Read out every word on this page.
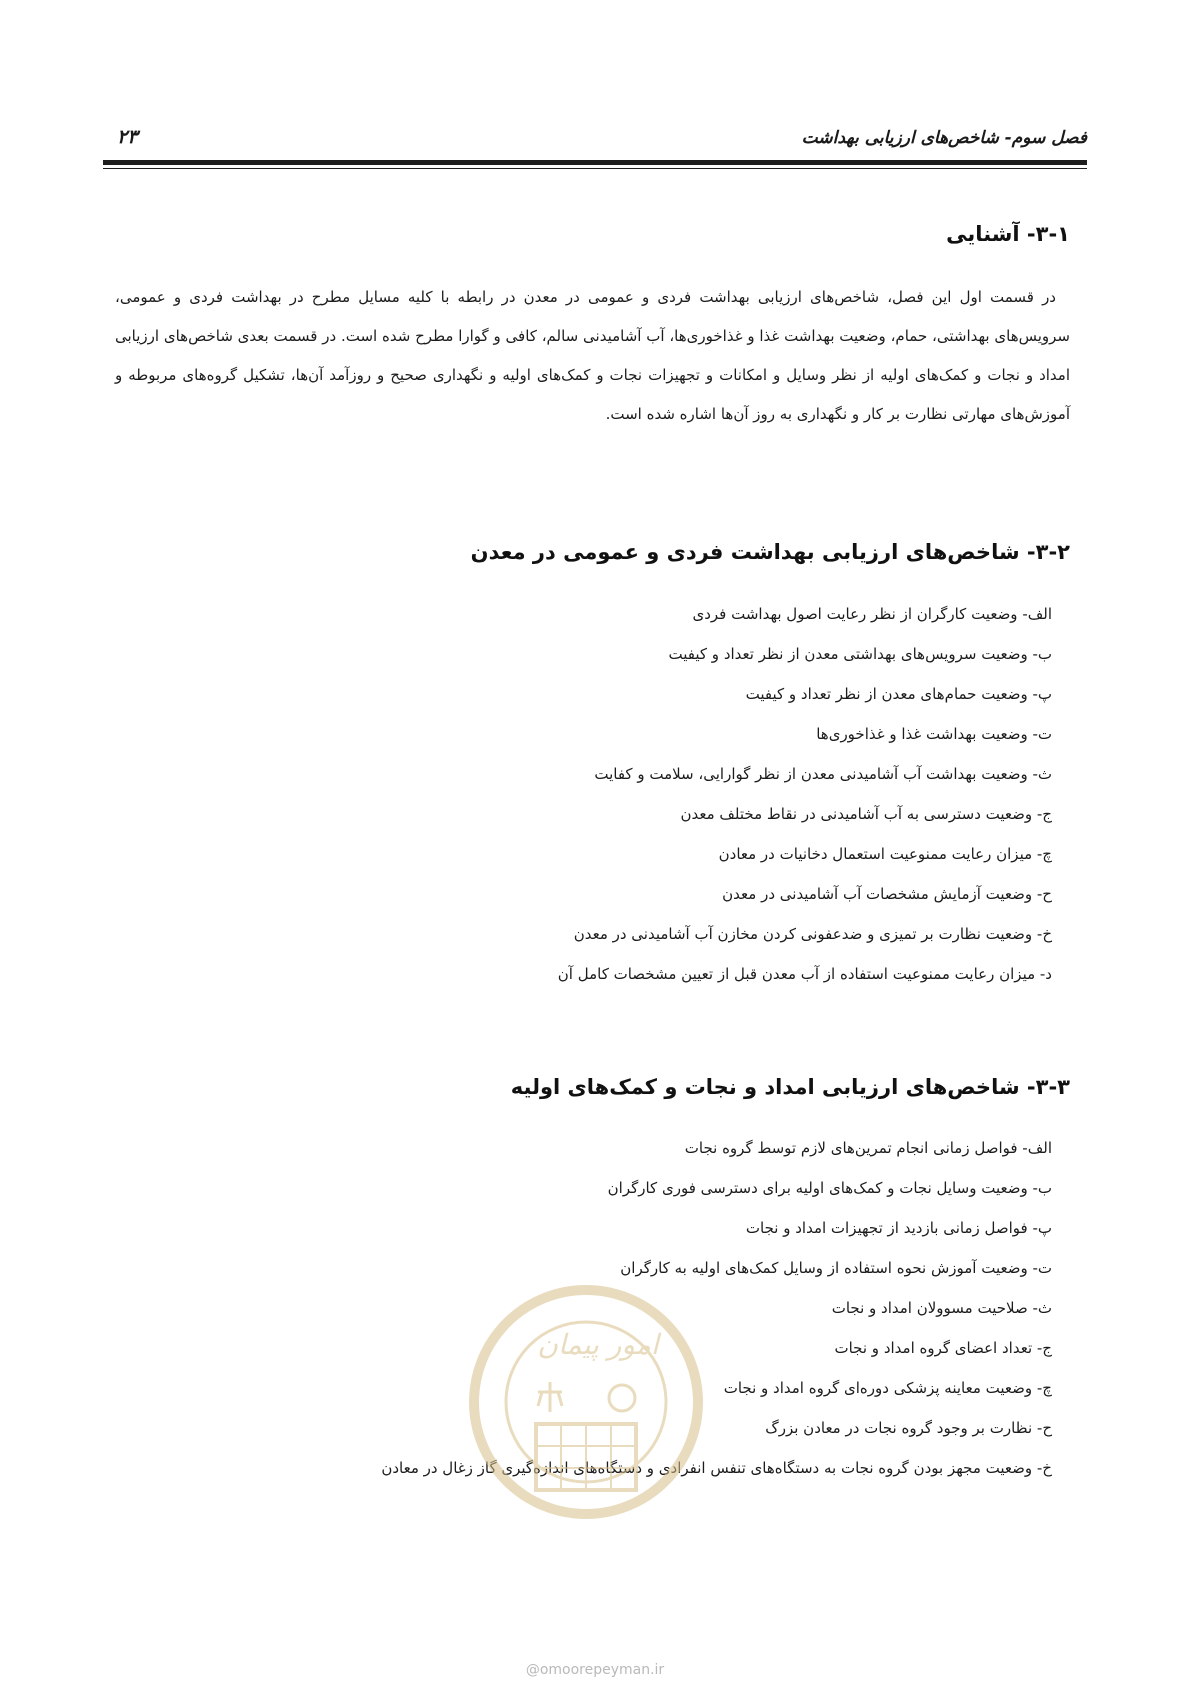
فصل سوم- شاخص‌های ارزیابی بهداشت
۲۳
۳-۱- آشنایی

در قسمت اول این فصل، شاخص‌های ارزیابی بهداشت فردی و عمومی در معدن در رابطه با کلیه مسایل مطرح در بهداشت فردی و عمومی، سرویس‌های بهداشتی، حمام، وضعیت بهداشت غذا و غذاخوری‌ها، آب آشامیدنی سالم، کافی و گوارا مطرح شده است. در قسمت بعدی شاخص‌های ارزیابی امداد و نجات و کمک‌های اولیه از نظر وسایل و امکانات و تجهیزات نجات و کمک‌های اولیه و نگهداری صحیح و روزآمد آن‌ها، تشکیل گروه‌های مربوطه و آموزش‌های مهارتی نظارت بر کار و نگهداری به روز آن‌ها اشاره شده است.

۳-۲- شاخص‌های ارزیابی بهداشت فردی و عمومی در معدن
الف- وضعیت کارگران از نظر رعایت اصول بهداشت فردی
ب- وضعیت سرویس‌های بهداشتی معدن از نظر تعداد و کیفیت
پ- وضعیت حمام‌های معدن از نظر تعداد و کیفیت
ت- وضعیت بهداشت غذا و غذاخوری‌ها
ث- وضعیت بهداشت آب آشامیدنی معدن از نظر گوارایی، سلامت و کفایت
ج- وضعیت دسترسی به آب آشامیدنی در نقاط مختلف معدن
چ- میزان رعایت ممنوعیت استعمال دخانیات در معادن
ح- وضعیت آزمایش مشخصات آب آشامیدنی در معدن
خ- وضعیت نظارت بر تمیزی و ضدعفونی کردن مخازن آب آشامیدنی در معدن
د- میزان رعایت ممنوعیت استفاده از آب معدن قبل از تعیین مشخصات کامل آن
۳-۳- شاخص‌های ارزیابی امداد و نجات و کمک‌های اولیه
الف- فواصل زمانی انجام تمرین‌های لازم توسط گروه نجات
ب- وضعیت وسایل نجات و کمک‌های اولیه برای دسترسی فوری کارگران
پ- فواصل زمانی بازدید از تجهیزات امداد و نجات
ت- وضعیت آموزش نحوه استفاده از وسایل کمک‌های اولیه به کارگران
ث- صلاحیت مسوولان امداد و نجات
ج- تعداد اعضای گروه امداد و نجات
چ- وضعیت معاینه پزشکی دوره‌ای گروه امداد و نجات
ح- نظارت بر وجود گروه نجات در معادن بزرگ
خ- وضعیت مجهز بودن گروه نجات به دستگاه‌های تنفس انفرادی و دستگاه‌های اندازه‌گیری گاز زغال در معادن
امور پیمان
@omoorepeyman.ir
